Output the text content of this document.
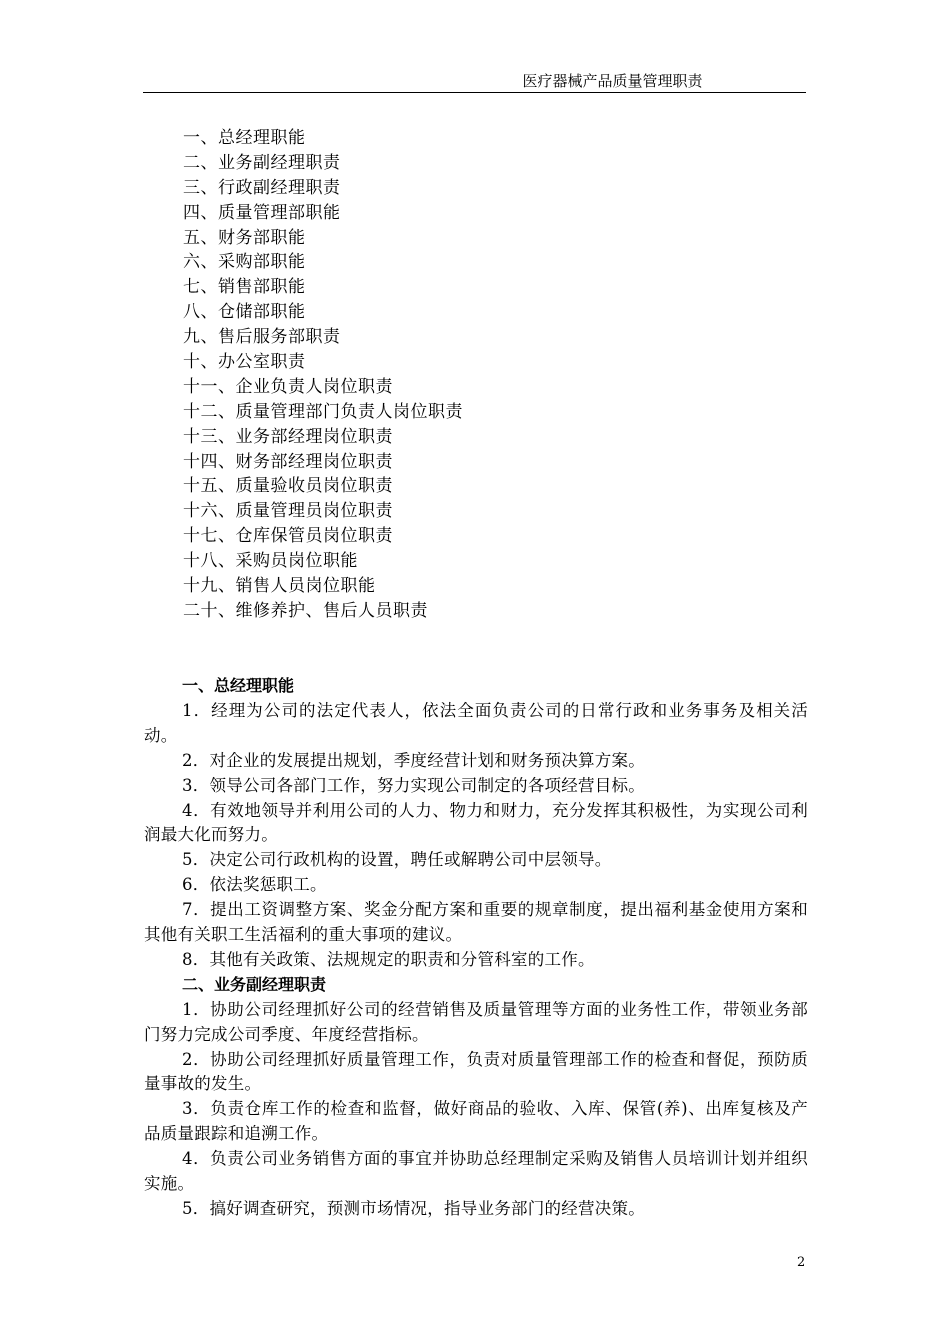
医疗器械产品质量管理职责
一、总经理职能
二、业务副经理职责
三、行政副经理职责
四、质量管理部职能
五、财务部职能
六、采购部职能
七、销售部职能
八、仓储部职能
九、售后服务部职责
十、办公室职责
十一、企业负责人岗位职责
十二、质量管理部门负责人岗位职责
十三、业务部经理岗位职责
十四、财务部经理岗位职责
十五、质量验收员岗位职责
十六、质量管理员岗位职责
十七、仓库保管员岗位职责
十八、采购员岗位职能
十九、销售人员岗位职能
二十、维修养护、售后人员职责
一、总经理职能

1．经理为公司的法定代表人，依法全面负责公司的日常行政和业务事务及相关活动。

2．对企业的发展提出规划，季度经营计划和财务预决算方案。

3．领导公司各部门工作，努力实现公司制定的各项经营目标。

4．有效地领导并利用公司的人力、物力和财力，充分发挥其积极性，为实现公司利润最大化而努力。

5．决定公司行政机构的设置，聘任或解聘公司中层领导。

6．依法奖惩职工。

7．提出工资调整方案、奖金分配方案和重要的规章制度，提出福利基金使用方案和其他有关职工生活福利的重大事项的建议。

8．其他有关政策、法规规定的职责和分管科室的工作。

二、业务副经理职责

1．协助公司经理抓好公司的经营销售及质量管理等方面的业务性工作，带领业务部门努力完成公司季度、年度经营指标。

2．协助公司经理抓好质量管理工作，负责对质量管理部工作的检查和督促，预防质量事故的发生。

3．负责仓库工作的检查和监督，做好商品的验收、入库、保管(养)、出库复核及产品质量跟踪和追溯工作。

4．负责公司业务销售方面的事宜并协助总经理制定采购及销售人员培训计划并组织实施。

5．搞好调查研究，预测市场情况，指导业务部门的经营决策。

2
